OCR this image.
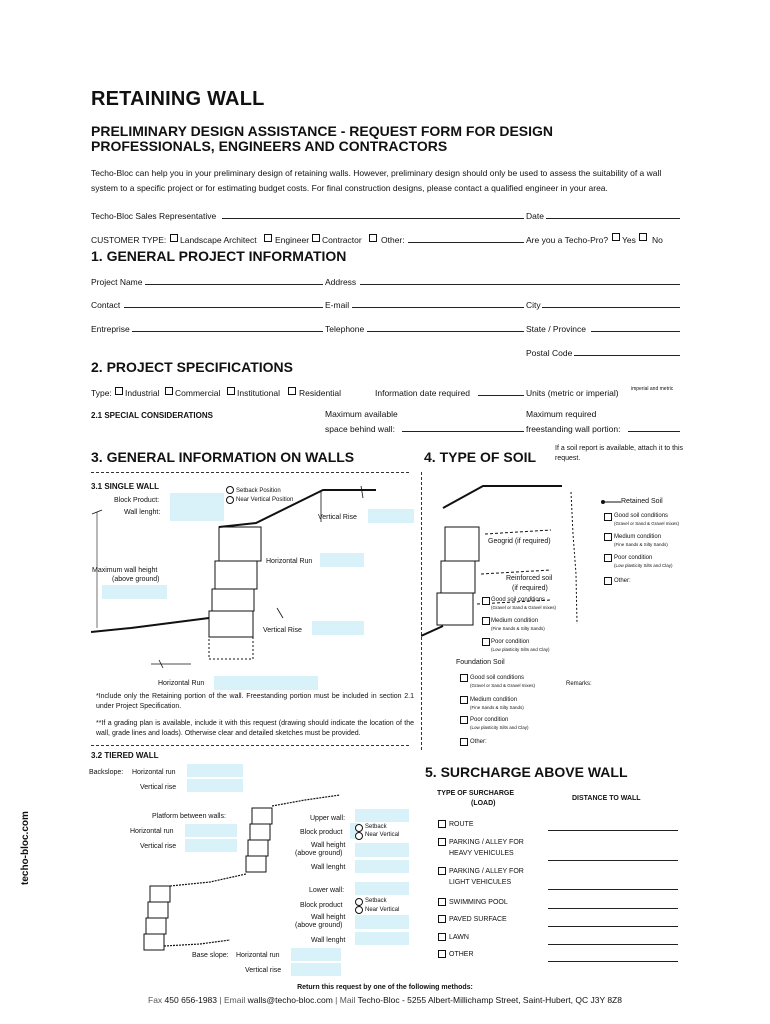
RETAINING WALL
PRELIMINARY DESIGN ASSISTANCE - REQUEST FORM FOR DESIGN PROFESSIONALS, ENGINEERS AND CONTRACTORS
Techo-Bloc can help you in your preliminary design of retaining walls. However, preliminary design should only be used to assess the suitability of a wall system to a specific project or for estimating budget costs. For final construction designs, please contact a qualified engineer in your area.
Techo-Bloc Sales Representative	Date
CUSTOMER TYPE: Landscape Architect Engineer Contractor Other:	Are you a Techo-Pro? Yes No
1. GENERAL PROJECT INFORMATION
Project Name	Address
Contact	E-mail	City
Entreprise	Telephone	State / Province
Postal Code
2. PROJECT SPECIFICATIONS
Type: Industrial Commercial Institutional Residential	Information date required	Units (metric or imperial) imperial and metric
2.1 SPECIAL CONSIDERATIONS	Maximum available
space behind wall:
Maximum required
freestanding wall portion:
3. GENERAL INFORMATION ON WALLS	4. TYPE OF SOIL
If a soil report is available, attach it to this request.
3.1 SINGLE WALL
Block Product:
Wall lenght:
Setback Position
Near Vertical Position
Vertical Rise
Horizontal Run
Maximum wall height
(above ground)
Vertical Rise
Horizontal Run
*Include only the Retaining portion of the wall. Freestanding portion must be included in section 2.1 under Project Specification.
**If a grading plan is available, include it with this request (drawing should indicate the location of the wall, grade lines and loads). Otherwise clear and detailed sketches must be provided.
Retained Soil
Good soil conditions
(Gravel or Sand & Gravel mixes)
Medium condition
(Fine Sands & Silty Sands)
Poor condition
(Low plasticity Silts and Clay)
Other:
Geogrid (if required)
Reinforced soil
(if required)
Good soil conditions
(Gravel or Sand & Gravel mixes)
Medium condition
(Fine Sands & Silty Sands)
Poor condition
(Low plasticity Silts and Clay)
Foundation Soil
Good soil conditions
(Gravel or Sand & Gravel mixes)	Remarks:
Medium condition
(Fine Sands & Silty Sands)
Poor condition
(Low plasticity Silts and Clay)
Other:
3.2 TIERED WALL
Backslope: Horizontal run
Vertical rise
Platform between walls:
Horizontal run
Vertical rise
Upper wall:
Block product
Setback
Near Vertical
Wall height
(above ground)
Wall lenght
Lower wall:
Block product
Setback
Near Vertical
Wall height
(above ground)
Wall lenght
Base slope: Horizontal run
Vertical rise
5. SURCHARGE ABOVE WALL
TYPE OF SURCHARGE
(LOAD)
DISTANCE TO WALL
ROUTE
PARKING / ALLEY FOR
HEAVY VEHICULES
PARKING / ALLEY FOR
LIGHT VEHICULES
SWIMMING POOL
PAVED SURFACE
LAWN
OTHER
techo-bloc.com
Return this request by one of the following methods:
Fax 450 656-1983 | Email walls@techo-bloc.com | Mail Techo-Bloc - 5255 Albert-Millichamp Street, Saint-Hubert, QC J3Y 8Z8
